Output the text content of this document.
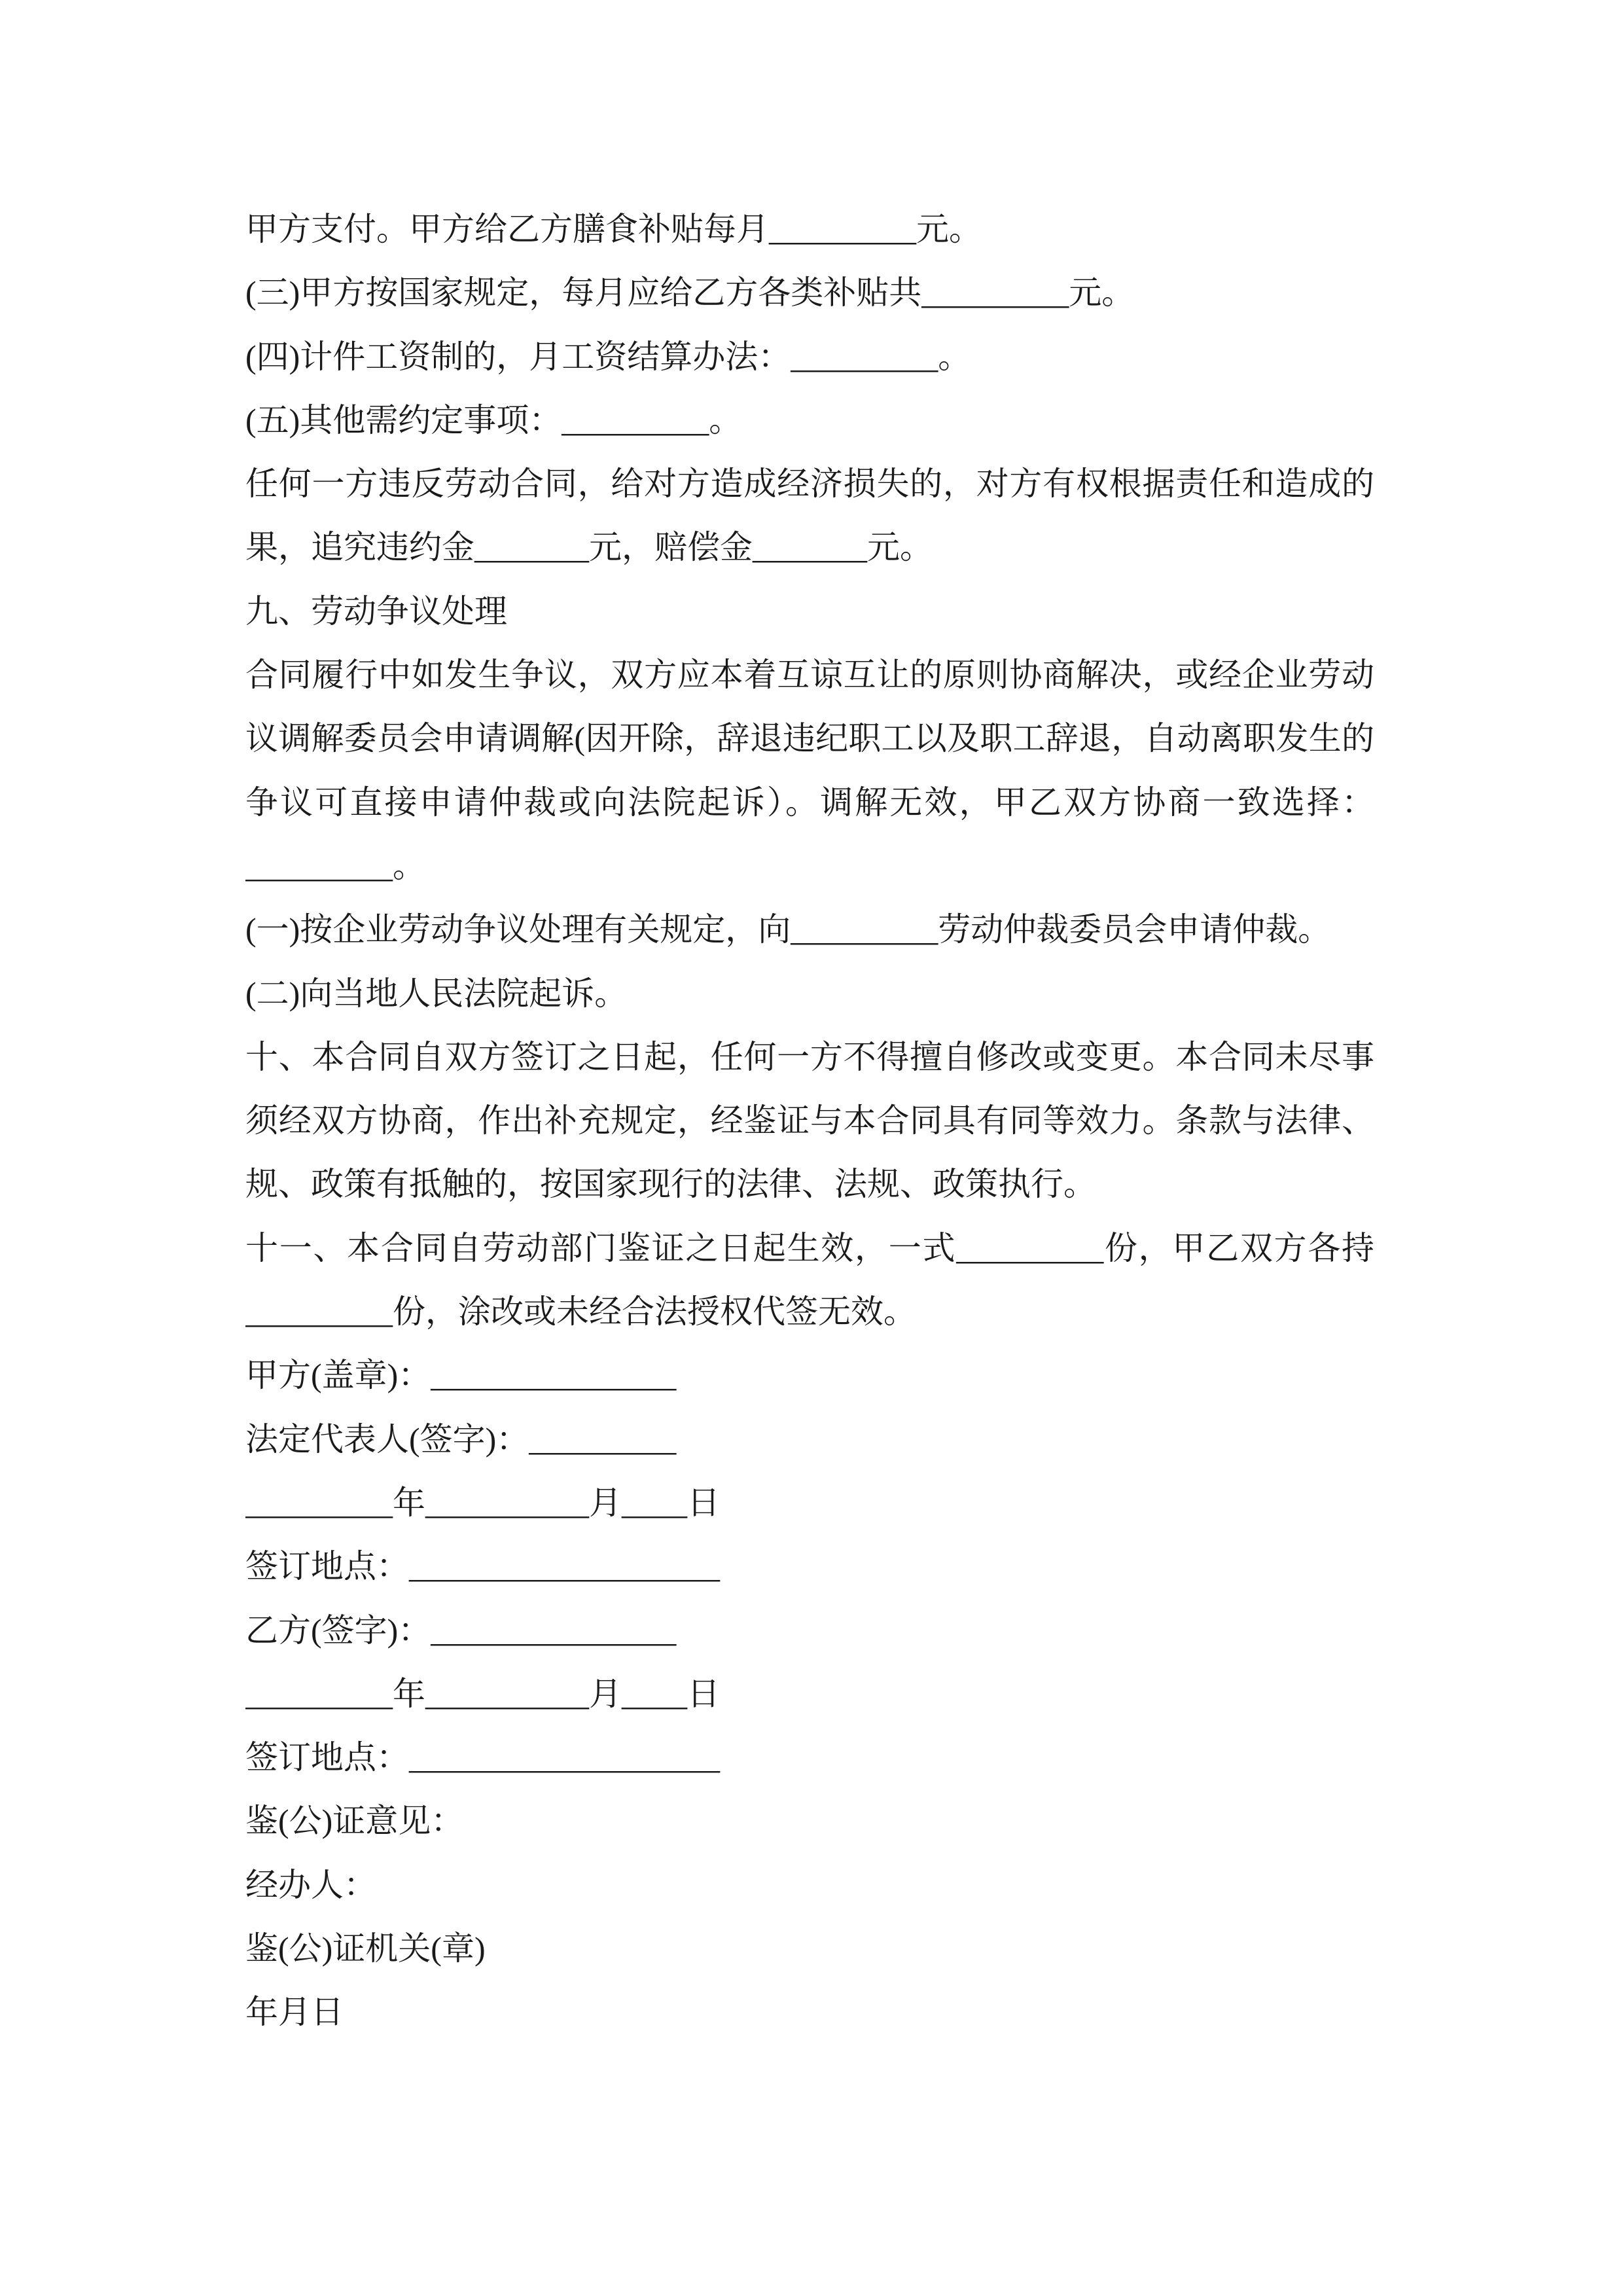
甲方支付。甲方给乙方膳食补贴每月_________元。
(三)甲方按国家规定，每月应给乙方各类补贴共_________元。
(四)计件工资制的，月工资结算办法：_________。
(五)其他需约定事项：_________。
任何一方违反劳动合同，给对方造成经济损失的，对方有权根据责任和造成的
果，追究违约金_______元，赔偿金_______元。
九、劳动争议处理
合同履行中如发生争议，双方应本着互谅互让的原则协商解决，或经企业劳动
议调解委员会申请调解(因开除，辞退违纪职工以及职工辞退，自动离职发生的
争议可直接申请仲裁或向法院起诉）。调解无效，甲乙双方协商一致选择：
_________。
(一)按企业劳动争议处理有关规定，向_________劳动仲裁委员会申请仲裁。
(二)向当地人民法院起诉。
十、本合同自双方签订之日起，任何一方不得擅自修改或变更。本合同未尽事
须经双方协商，作出补充规定，经鉴证与本合同具有同等效力。条款与法律、
规、政策有抵触的，按国家现行的法律、法规、政策执行。
十一、本合同自劳动部门鉴证之日起生效，一式_________份，甲乙双方各持
_________份，涂改或未经合法授权代签无效。
甲方(盖章)：_______________
法定代表人(签字)：_________
_________年__________月____日
签订地点：___________________
乙方(签字)：_______________
_________年__________月____日
签订地点：___________________
鉴(公)证意见：
经办人：
鉴(公)证机关(章)
年月日
